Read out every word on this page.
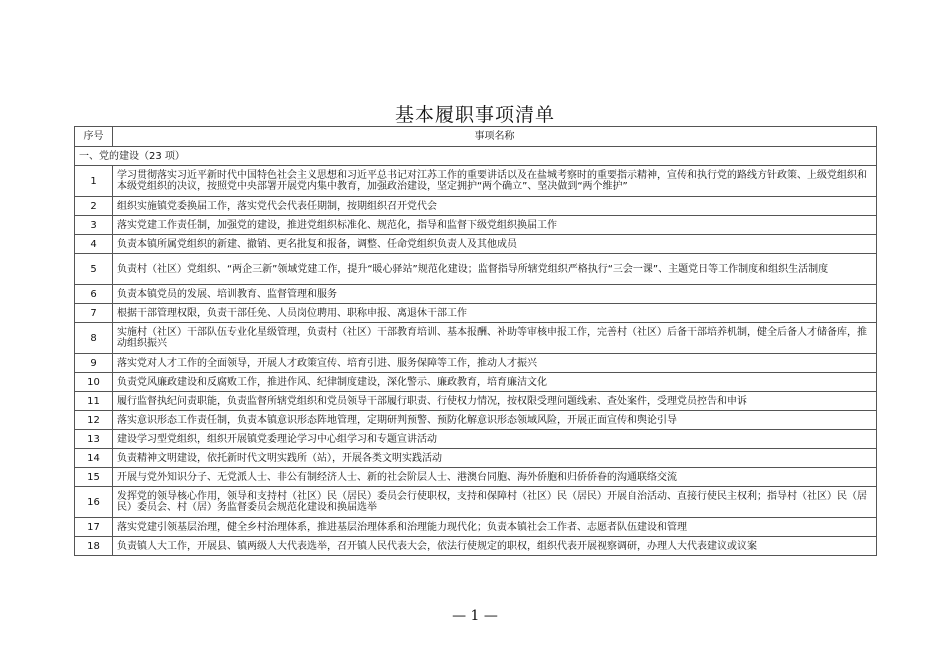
基本履职事项清单
序号	事项名称
一、党的建设（23 项）	
1	学习贯彻落实习近平新时代中国特色社会主义思想和习近平总书记对江苏工作的重要讲话以及在盐城考察时的重要指示精神，宣传和执行党的路线方针政策、上级党组织和本级党组织的决议，按照党中央部署开展党内集中教育，加强政治建设，坚定拥护“两个确立”、坚决做到“两个维护”
2	组织实施镇党委换届工作，落实党代会代表任期制，按期组织召开党代会
3	落实党建工作责任制，加强党的建设，推进党组织标准化、规范化，指导和监督下级党组织换届工作
4	负责本镇所属党组织的新建、撤销、更名批复和报备，调整、任命党组织负责人及其他成员
5	负责村（社区）党组织、“两企三新”领域党建工作，提升“暖心驿站”规范化建设；监督指导所辖党组织严格执行“三会一课”、主题党日等工作制度和组织生活制度
6	负责本镇党员的发展、培训教育、监督管理和服务
7	根据干部管理权限，负责干部任免、人员岗位聘用、职称申报、离退休干部工作
8	实施村（社区）干部队伍专业化星级管理，负责村（社区）干部教育培训、基本报酬、补助等审核申报工作，完善村（社区）后备干部培养机制，健全后备人才储备库，推动组织振兴
9	落实党对人才工作的全面领导，开展人才政策宣传、培育引进、服务保障等工作，推动人才振兴
10	负责党风廉政建设和反腐败工作，推进作风、纪律制度建设，深化警示、廉政教育，培育廉洁文化
11	履行监督执纪问责职能，负责监督所辖党组织和党员领导干部履行职责、行使权力情况，按权限受理问题线索、查处案件，受理党员控告和申诉
12	落实意识形态工作责任制，负责本镇意识形态阵地管理，定期研判预警、预防化解意识形态领域风险，开展正面宣传和舆论引导
13	建设学习型党组织，组织开展镇党委理论学习中心组学习和专题宣讲活动
14	负责精神文明建设，依托新时代文明实践所（站），开展各类文明实践活动
15	开展与党外知识分子、无党派人士、非公有制经济人士、新的社会阶层人士、港澳台同胞、海外侨胞和归侨侨眷的沟通联络交流
16	发挥党的领导核心作用，领导和支持村（社区）民（居民）委员会行使职权，支持和保障村（社区）民（居民）开展自治活动、直接行使民主权利；指导村（社区）民（居民）委员会、村（居）务监督委员会规范化建设和换届选举
17	落实党建引领基层治理，健全乡村治理体系，推进基层治理体系和治理能力现代化；负责本镇社会工作者、志愿者队伍建设和管理
18	负责镇人大工作，开展县、镇两级人大代表选举，召开镇人民代表大会，依法行使规定的职权，组织代表开展视察调研，办理人大代表建议或议案
— 1 —
